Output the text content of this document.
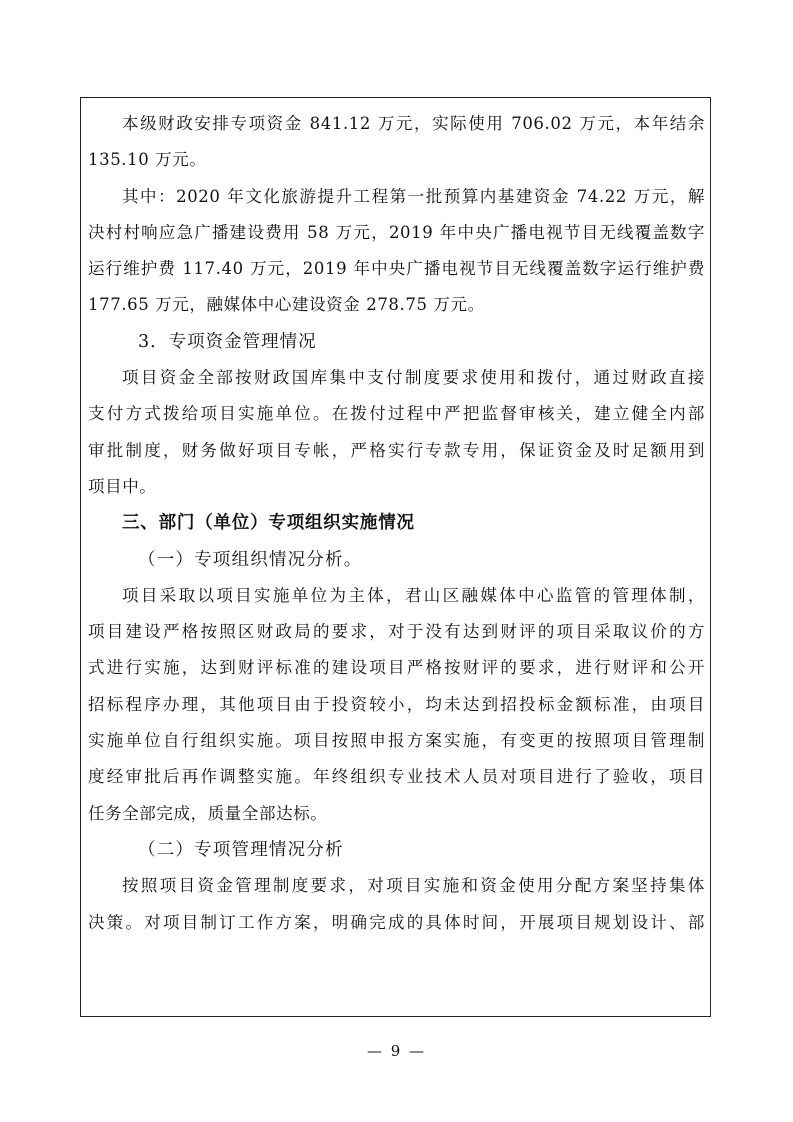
本级财政安排专项资金 841.12 万元，实际使用 706.02 万元，本年结余
135.10 万元。
其中：2020 年文化旅游提升工程第一批预算内基建资金 74.22 万元，解
决村村响应急广播建设费用 58 万元，2019 年中央广播电视节目无线覆盖数字
运行维护费 117.40 万元，2019 年中央广播电视节目无线覆盖数字运行维护费
177.65 万元，融媒体中心建设资金 278.75 万元。
3．专项资金管理情况
项目资金全部按财政国库集中支付制度要求使用和拨付，通过财政直接
支付方式拨给项目实施单位。在拨付过程中严把监督审核关，建立健全内部
审批制度，财务做好项目专帐，严格实行专款专用，保证资金及时足额用到
项目中。
三、部门（单位）专项组织实施情况
（一）专项组织情况分析。
项目采取以项目实施单位为主体，君山区融媒体中心监管的管理体制，
项目建设严格按照区财政局的要求，对于没有达到财评的项目采取议价的方
式进行实施，达到财评标准的建设项目严格按财评的要求，进行财评和公开
招标程序办理，其他项目由于投资较小，均未达到招投标金额标准，由项目
实施单位自行组织实施。项目按照申报方案实施，有变更的按照项目管理制
度经审批后再作调整实施。年终组织专业技术人员对项目进行了验收，项目
任务全部完成，质量全部达标。
（二）专项管理情况分析
按照项目资金管理制度要求，对项目实施和资金使用分配方案坚持集体
决策。对项目制订工作方案，明确完成的具体时间，开展项目规划设计、部
— 9 —
